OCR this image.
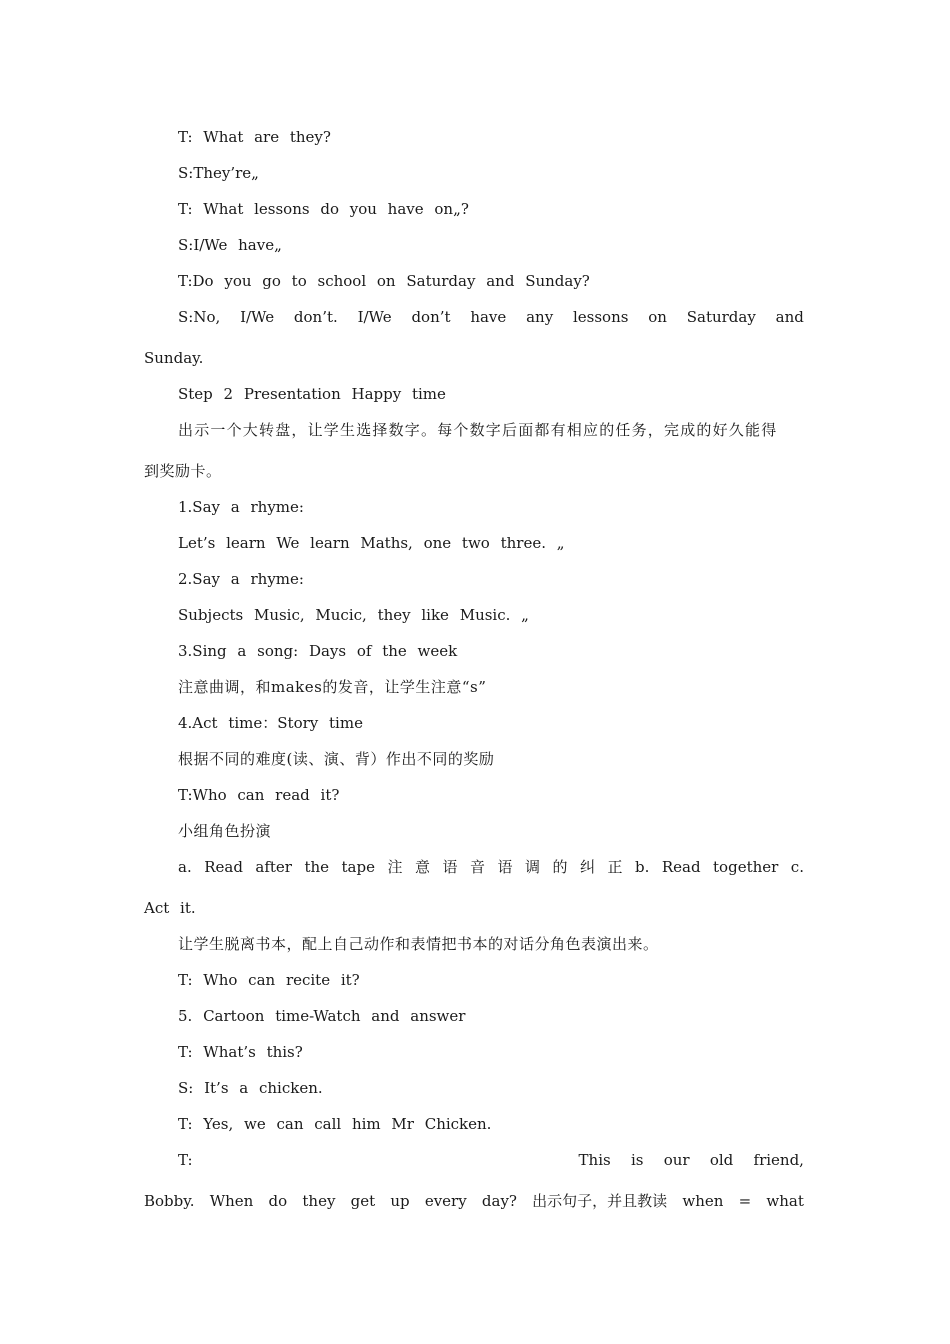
T: What are they?
S:They’re„
T: What lessons do you have on„?
S:I/We have„
T:Do you go to school on Saturday and Sunday?
S:No, I/We don’t. I/We don’t have any lessons on Saturday and
Sunday.
Step 2 Presentation Happy time
出示一个大转盘，让学生选择数字。每个数字后面都有相应的任务，完成的好久能得
到奖励卡。
1.Say a rhyme:
Let’s learn We learn Maths, one two three. „
2.Say a rhyme:
Subjects Music, Mucic, they like Music. „
3.Sing a song: Days of the week
注意曲调，和makes的发音，让学生注意“s”
4.Act time：Story time
根据不同的难度(读、演、背）作出不同的奖励
T:Who can read it?
小组角色扮演
a. Read after the tape 注 意 语 音 语 调 的 纠 正 b. Read together c.
Act it.
让学生脱离书本，配上自己动作和表情把书本的对话分角色表演出来。
T: Who can recite it?
5. Cartoon time-Watch and answer
T: What’s this?
S: It’s a chicken.
T: Yes, we can call him Mr Chicken.
T:	This is our old friend,
Bobby. When do they get up every day? 出示句子，并且教读 when = what
